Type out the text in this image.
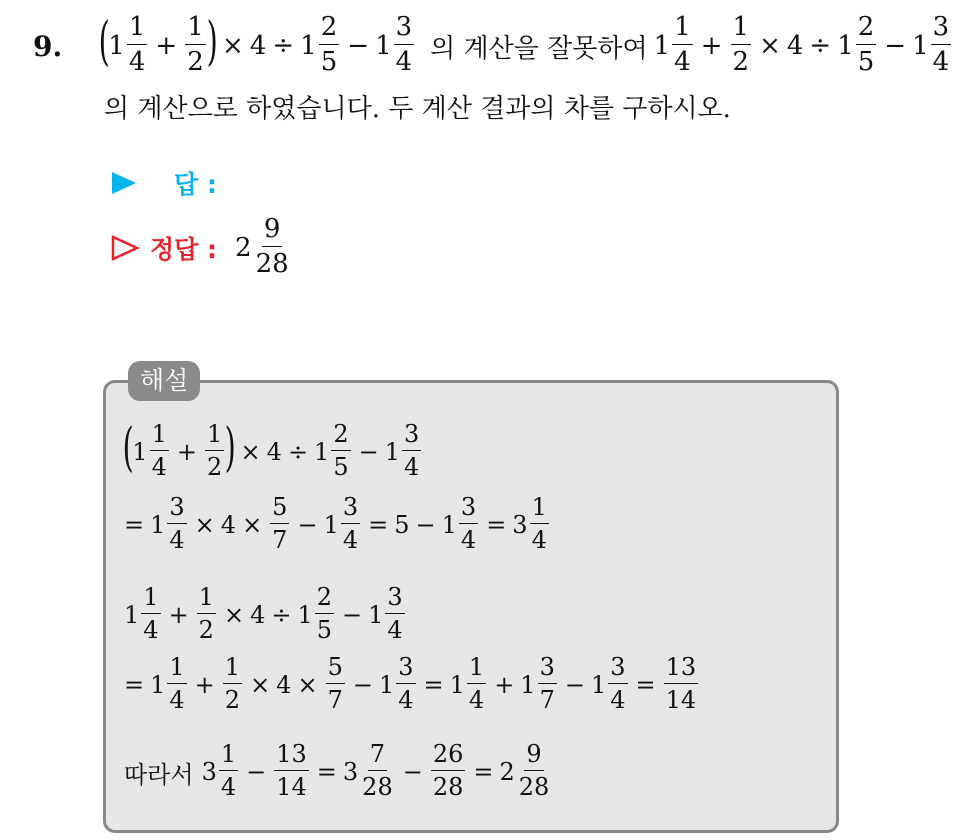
9. (
$1 \frac{1}{4} + \frac{1}{2}$ ) × $4 \div 1 \frac{2}{5} - 1 \frac{3}{4}$ 의 계산을 잘못하여 $1 \frac{1}{4} + \frac{1}{2} \times 4 \div 1 \frac{2}{5} - 1 \frac{3}{4}$
의 계산으로 하였습니다. 두 계산 결과의 차를 구하시오.
답 :
정답 : $2 \frac{9}{28}$
해설
(
$1 \frac{1}{4} + \frac{1}{2}$ ) × $4 \div 1 \frac{2}{5} - 1 \frac{3}{4}$
= $1 \frac{3}{4} \times 4 \times \frac{5}{7} - 1 \frac{3}{4} = 5 - 1 \frac{3}{4} = 3 \frac{1}{4}$
$1 \frac{1}{4} + \frac{1}{2} \times 4 \div 1 \frac{2}{5} - 1 \frac{3}{4}$
= $1 \frac{1}{4} + \frac{1}{2} \times 4 \times \frac{5}{7} - 1 \frac{3}{4} = 1 \frac{1}{4} + 1 \frac{3}{7} - 1 \frac{3}{4} = \frac{13}{14}$
따라서 $3 \frac{1}{4} - \frac{13}{14} = 3 \frac{7}{28} - \frac{26}{28} = 2 \frac{9}{28}$
